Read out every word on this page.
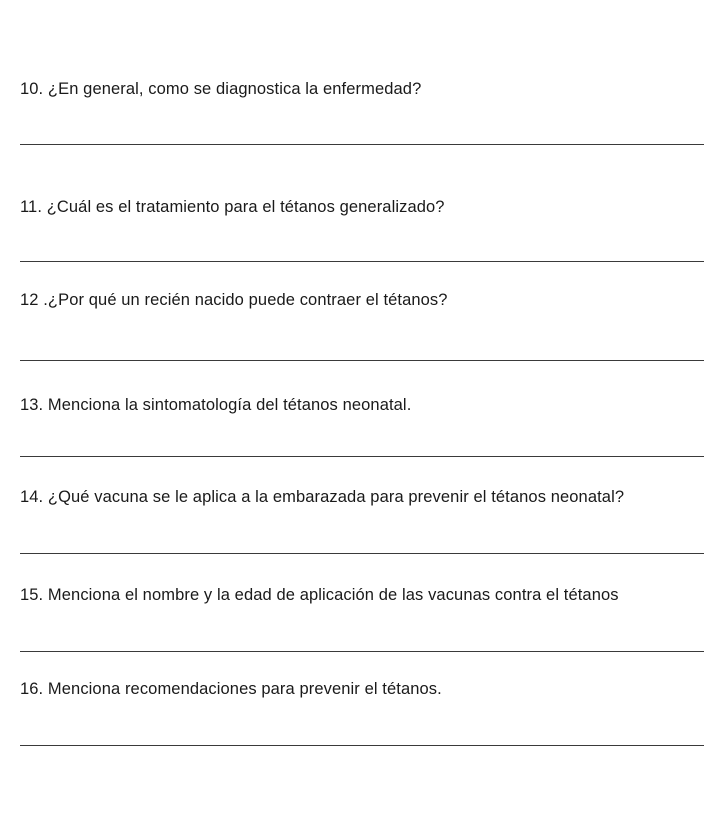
10. ¿En general, como se diagnostica la enfermedad?
11. ¿Cuál es el tratamiento para el tétanos generalizado?
12 .¿Por qué un recién nacido puede contraer el tétanos?
13. Menciona la sintomatología del tétanos neonatal.
14. ¿Qué vacuna se le aplica a la embarazada para prevenir el tétanos neonatal?
15. Menciona el nombre y la edad de aplicación de las vacunas contra el tétanos
16. Menciona recomendaciones para prevenir el tétanos.
